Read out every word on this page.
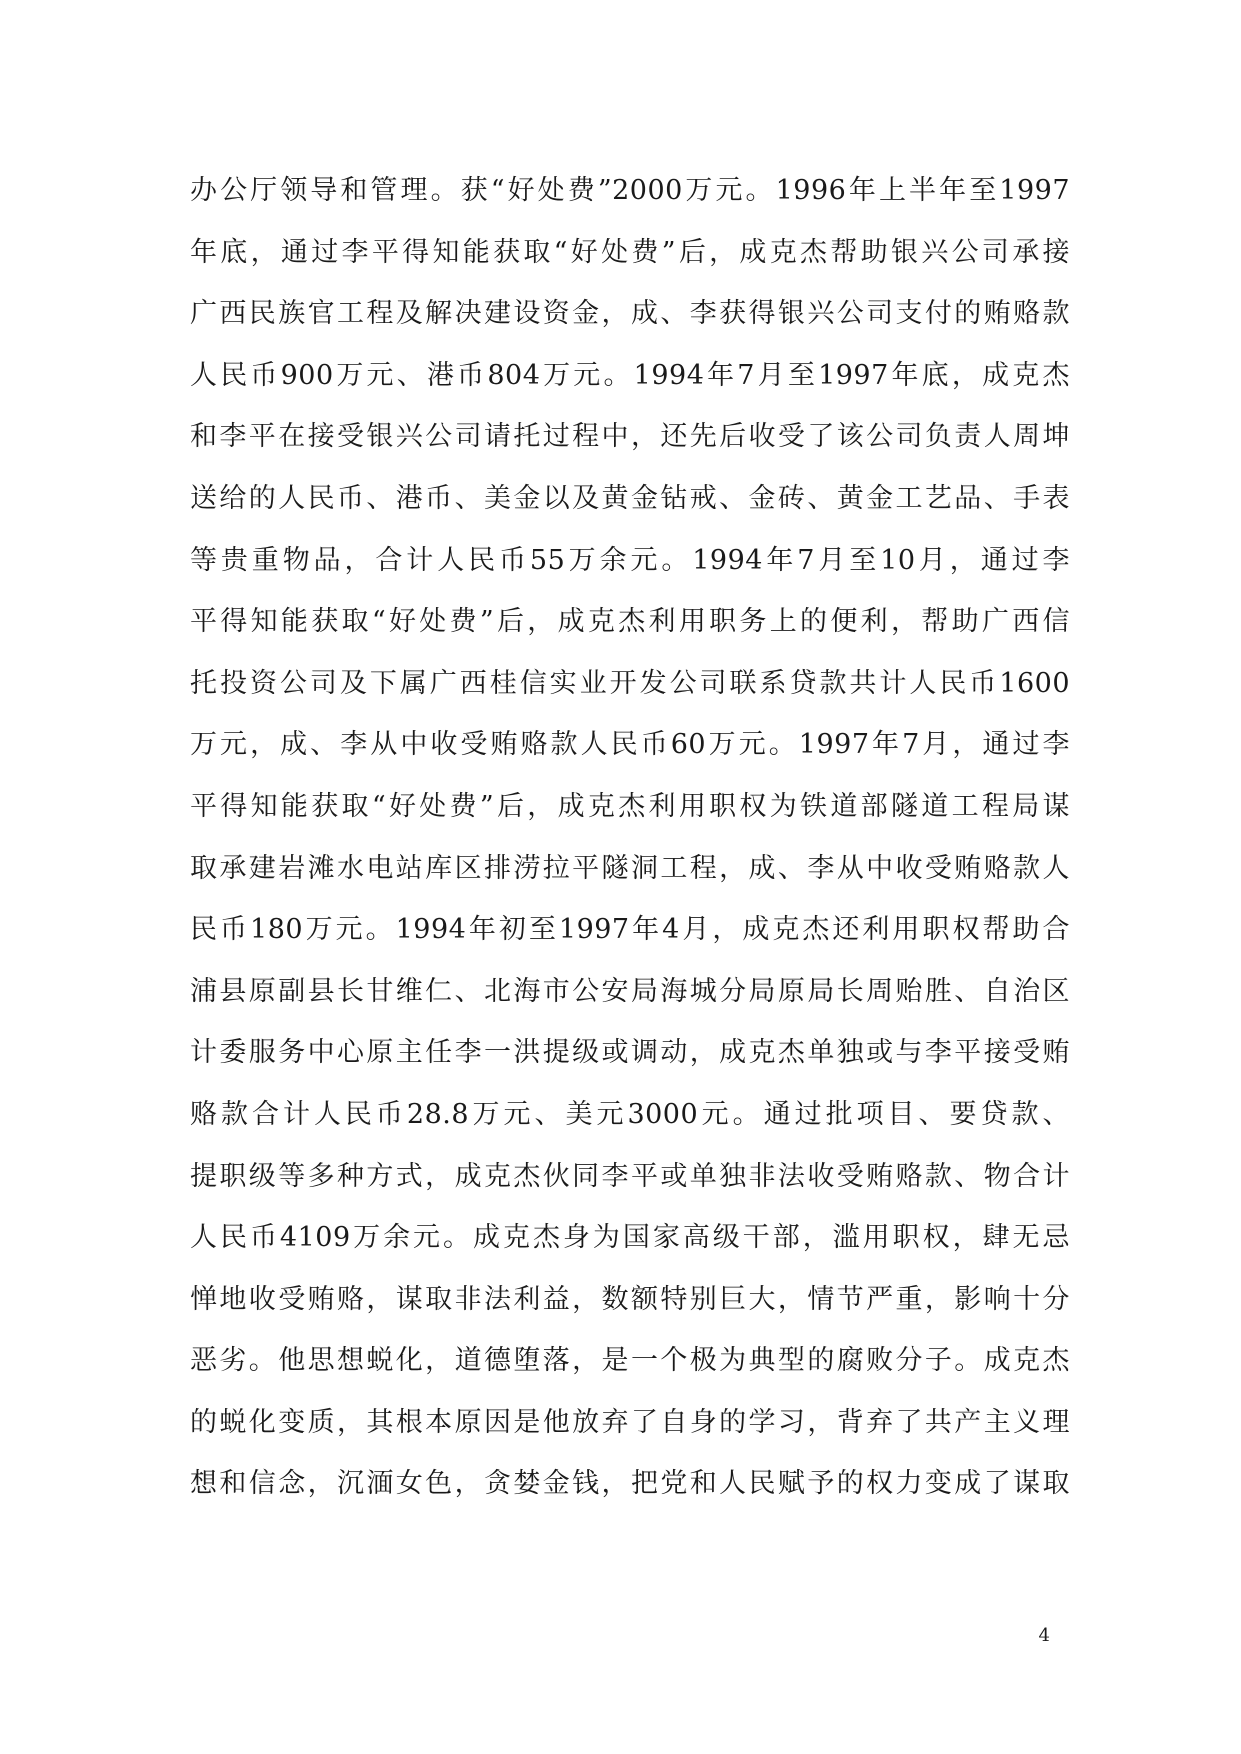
办公厅领导和管理。获“好处费”2000万元。1996年上半年至1997
年底，通过李平得知能获取“好处费”后，成克杰帮助银兴公司承接
广西民族官工程及解决建设资金，成、李获得银兴公司支付的贿赂款
人民币900万元、港币804万元。1994年7月至1997年底，成克杰
和李平在接受银兴公司请托过程中，还先后收受了该公司负责人周坤
送给的人民币、港币、美金以及黄金钻戒、金砖、黄金工艺品、手表
等贵重物品，合计人民币55万余元。1994年7月至10月，通过李
平得知能获取“好处费”后，成克杰利用职务上的便利，帮助广西信
托投资公司及下属广西桂信实业开发公司联系贷款共计人民币1600
万元，成、李从中收受贿赂款人民币60万元。1997年7月，通过李
平得知能获取“好处费”后，成克杰利用职权为铁道部隧道工程局谋
取承建岩滩水电站库区排涝拉平隧洞工程，成、李从中收受贿赂款人
民币180万元。1994年初至1997年4月，成克杰还利用职权帮助合
浦县原副县长甘维仁、北海市公安局海城分局原局长周贻胜、自治区
计委服务中心原主任李一洪提级或调动，成克杰单独或与李平接受贿
赂款合计人民币28.8万元、美元3000元。通过批项目、要贷款、
提职级等多种方式，成克杰伙同李平或单独非法收受贿赂款、物合计
人民币4109万余元。成克杰身为国家高级干部，滥用职权，肆无忌
惮地收受贿赂，谋取非法利益，数额特别巨大，情节严重，影响十分
恶劣。他思想蜕化，道德堕落，是一个极为典型的腐败分子。成克杰
的蜕化变质，其根本原因是他放弃了自身的学习，背弃了共产主义理
想和信念，沉湎女色，贪婪金钱，把党和人民赋予的权力变成了谋取
4
